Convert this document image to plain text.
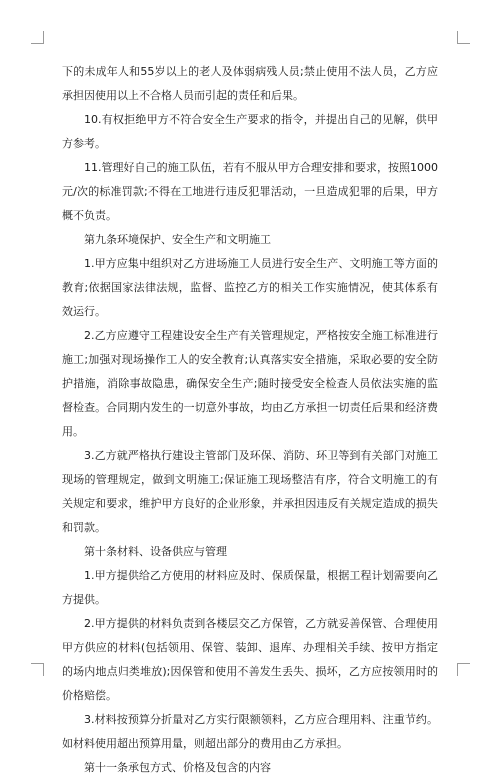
下的未成年人和55岁以上的老人及体弱病残人员;禁止使用不法人员，乙方应承担因使用以上不合格人员而引起的责任和后果。

10.有权拒绝甲方不符合安全生产要求的指令，并提出自己的见解，供甲方参考。

11.管理好自己的施工队伍，若有不服从甲方合理安排和要求，按照1000元/次的标准罚款;不得在工地进行违反犯罪活动，一旦造成犯罪的后果，甲方概不负责。

第九条环境保护、安全生产和文明施工

1.甲方应集中组织对乙方进场施工人员进行安全生产、文明施工等方面的教育;依据国家法律法规，监督、监控乙方的相关工作实施情况，使其体系有效运行。

2.乙方应遵守工程建设安全生产有关管理规定，严格按安全施工标准进行施工;加强对现场操作工人的安全教育;认真落实安全措施，采取必要的安全防护措施，消除事故隐患，确保安全生产;随时接受安全检查人员依法实施的监督检查。合同期内发生的一切意外事故，均由乙方承担一切责任后果和经济费用。

3.乙方就严格执行建设主管部门及环保、消防、环卫等到有关部门对施工现场的管理规定，做到文明施工;保证施工现场整洁有序，符合文明施工的有关规定和要求，维护甲方良好的企业形象，并承担因违反有关规定造成的损失和罚款。

第十条材料、设备供应与管理

1.甲方提供给乙方使用的材料应及时、保质保量，根据工程计划需要向乙方提供。

2.甲方提供的材料负责到各楼层交乙方保管，乙方就妥善保管、合理使用甲方供应的材料(包括领用、保管、装卸、退库、办理相关手续、按甲方指定的场内地点归类堆放);因保管和使用不善发生丢失、损坏，乙方应按领用时的价格赔偿。

3.材料按预算分折量对乙方实行限额领料，乙方应合理用料、注重节约。如材料使用超出预算用量，则超出部分的费用由乙方承担。

第十一条承包方式、价格及包含的内容
